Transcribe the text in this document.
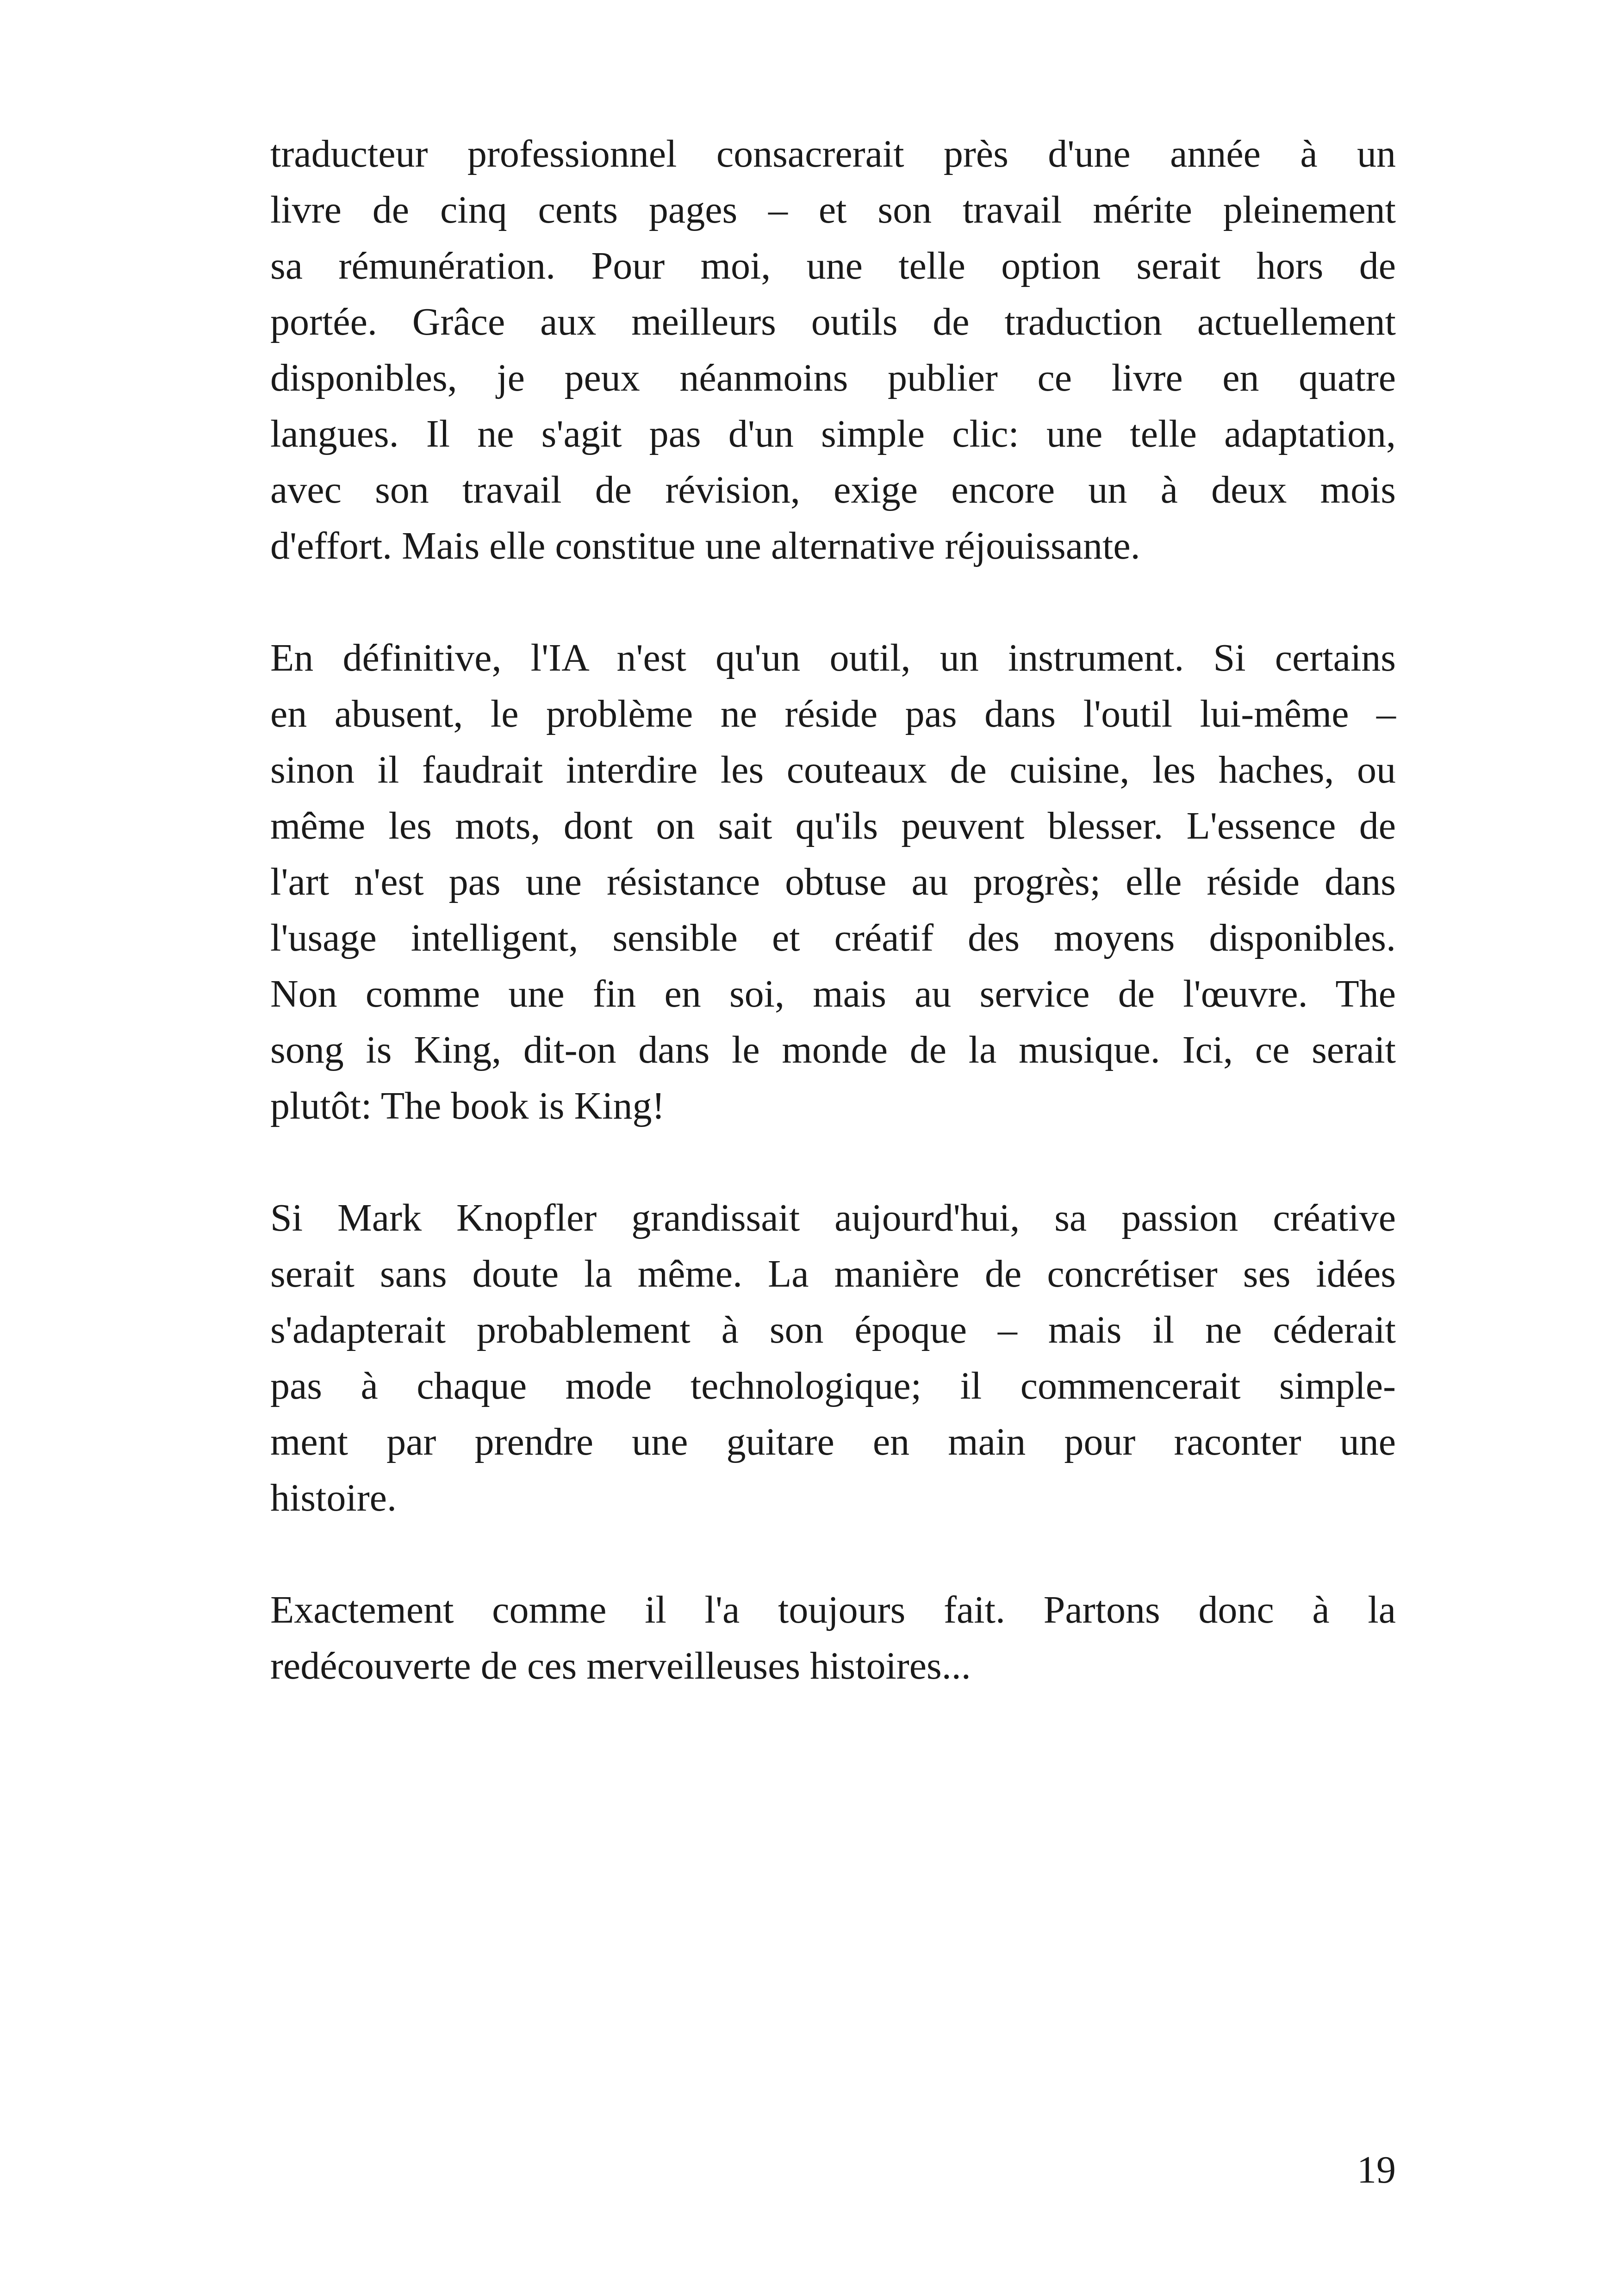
traducteur professionnel consacrerait près d'une année à un
livre de cinq cents pages – et son travail mérite pleinement
sa rémunération. Pour moi, une telle option serait hors de
portée. Grâce aux meilleurs outils de traduction actuellement
disponibles, je peux néanmoins publier ce livre en quatre
langues. Il ne s'agit pas d'un simple clic: une telle adaptation,
avec son travail de révision, exige encore un à deux mois
d'effort. Mais elle constitue une alternative réjouissante.
En définitive, l'IA n'est qu'un outil, un instrument. Si certains
en abusent, le problème ne réside pas dans l'outil lui-même –
sinon il faudrait interdire les couteaux de cuisine, les haches, ou
même les mots, dont on sait qu'ils peuvent blesser. L'essence de
l'art n'est pas une résistance obtuse au progrès; elle réside dans
l'usage intelligent, sensible et créatif des moyens disponibles.
Non comme une fin en soi, mais au service de l'œuvre. The
song is King, dit-on dans le monde de la musique. Ici, ce serait
plutôt: The book is King!
Si Mark Knopfler grandissait aujourd'hui, sa passion créative
serait sans doute la même. La manière de concrétiser ses idées
s'adapterait probablement à son époque – mais il ne céderait
pas à chaque mode technologique; il commencerait simple-
ment par prendre une guitare en main pour raconter une
histoire.
Exactement comme il l'a toujours fait. Partons donc à la
redécouverte de ces merveilleuses histoires...
19
